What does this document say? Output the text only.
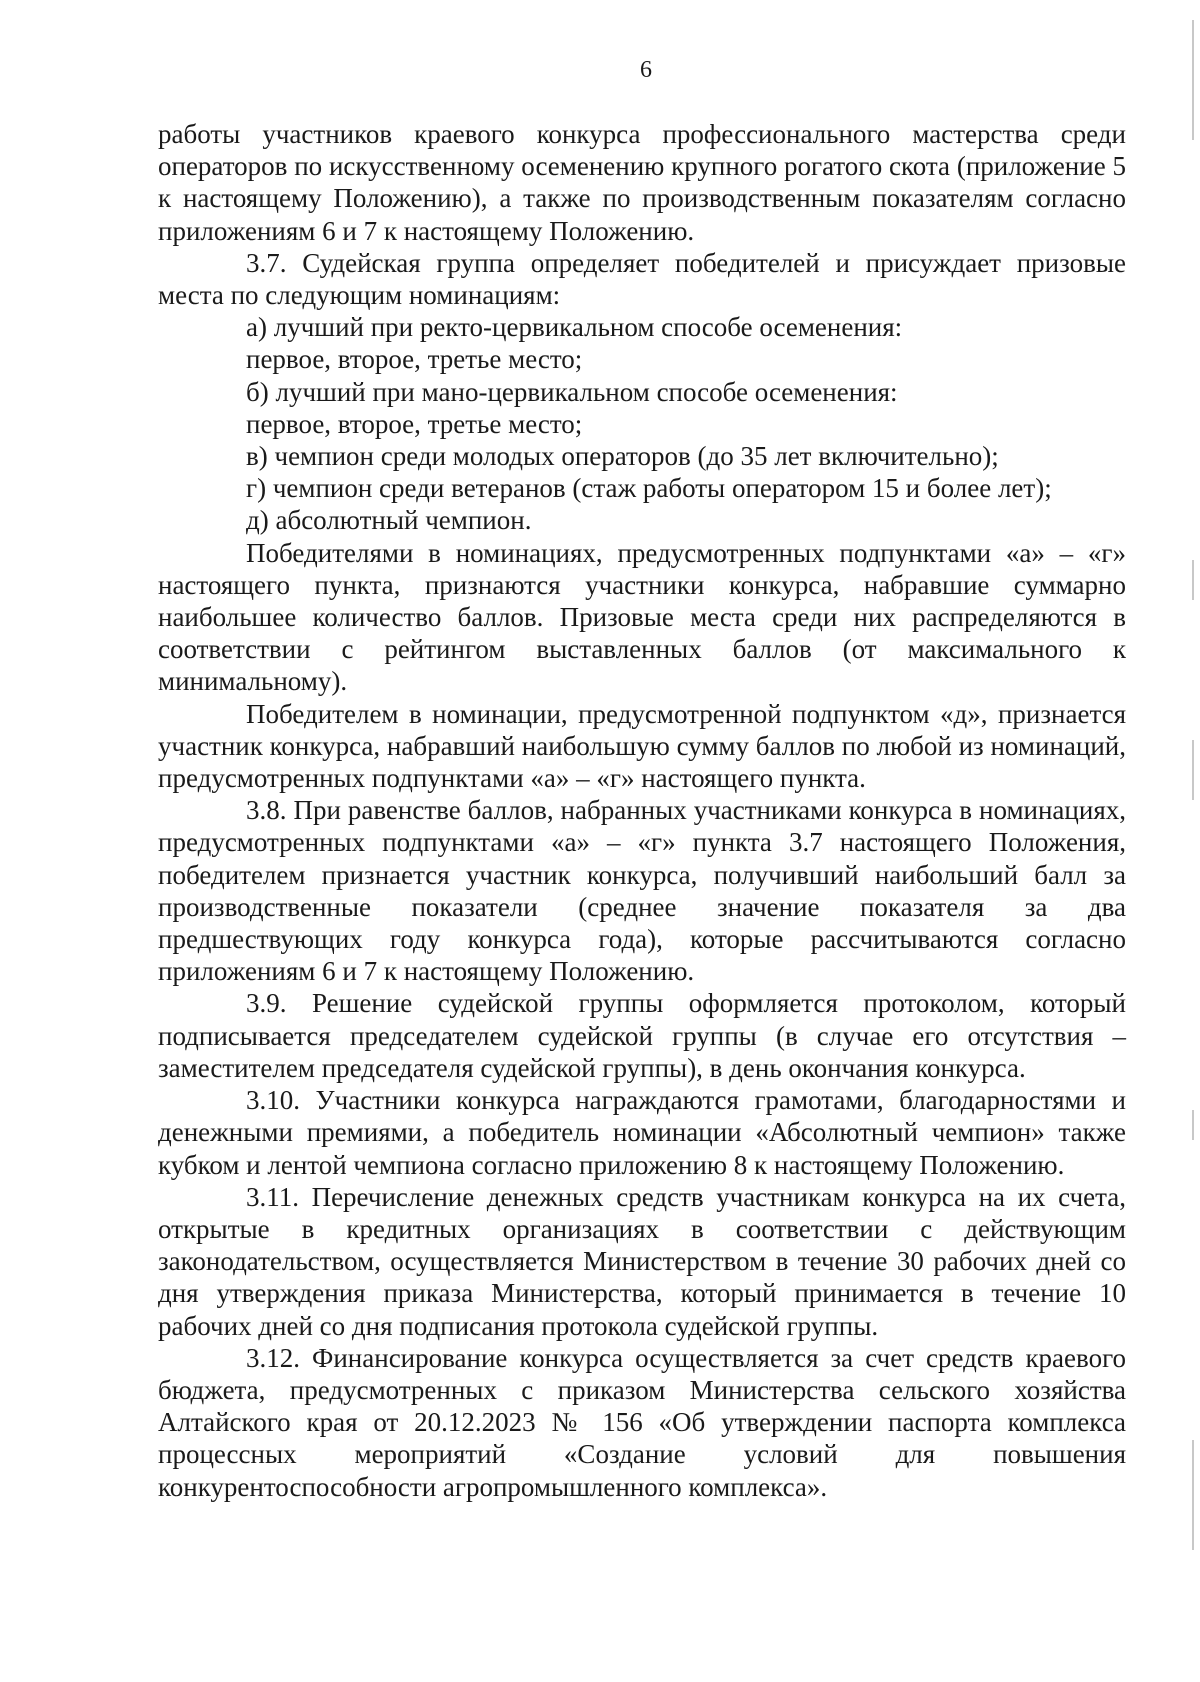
6

работы участников краевого конкурса профессионального мастерства среди операторов по искусственному осеменению крупного рогатого скота (приложение 5 к настоящему Положению), а также по производственным показателям согласно приложениям 6 и 7 к настоящему Положению.

3.7. Судейская группа определяет победителей и присуждает призовые места по следующим номинациям:

а) лучший при ректо-цервикальном способе осеменения:

первое, второе, третье место;

б) лучший при мано-цервикальном способе осеменения:

первое, второе, третье место;

в) чемпион среди молодых операторов (до 35 лет включительно);

г) чемпион среди ветеранов (стаж работы оператором 15 и более лет);

д) абсолютный чемпион.

Победителями в номинациях, предусмотренных подпунктами «а» – «г» настоящего пункта, признаются участники конкурса, набравшие суммарно наибольшее количество баллов. Призовые места среди них распределяются в соответствии с рейтингом выставленных баллов (от максимального к минимальному).

Победителем в номинации, предусмотренной подпунктом «д», признается участник конкурса, набравший наибольшую сумму баллов по любой из номинаций, предусмотренных подпунктами «а» – «г» настоящего пункта.

3.8. При равенстве баллов, набранных участниками конкурса в номинациях, предусмотренных подпунктами «а» – «г» пункта 3.7 настоящего Положения, победителем признается участник конкурса, получивший наибольший балл за производственные показатели (среднее значение показателя за два предшествующих году конкурса года), которые рассчитываются согласно приложениям 6 и 7 к настоящему Положению.

3.9. Решение судейской группы оформляется протоколом, который подписывается председателем судейской группы (в случае его отсутствия – заместителем председателя судейской группы), в день окончания конкурса.

3.10. Участники конкурса награждаются грамотами, благодарностями и денежными премиями, а победитель номинации «Абсолютный чемпион» также кубком и лентой чемпиона согласно приложению 8 к настоящему Положению.

3.11. Перечисление денежных средств участникам конкурса на их счета, открытые в кредитных организациях в соответствии с действующим законодательством, осуществляется Министерством в течение 30 рабочих дней со дня утверждения приказа Министерства, который принимается в течение 10 рабочих дней со дня подписания протокола судейской группы.

3.12. Финансирование конкурса осуществляется за счет средств краевого бюджета, предусмотренных с приказом Министерства сельского хозяйства Алтайского края от 20.12.2023 № 156 «Об утверждении паспорта комплекса процессных мероприятий «Создание условий для повышения конкурентоспособности агропромышленного комплекса».
